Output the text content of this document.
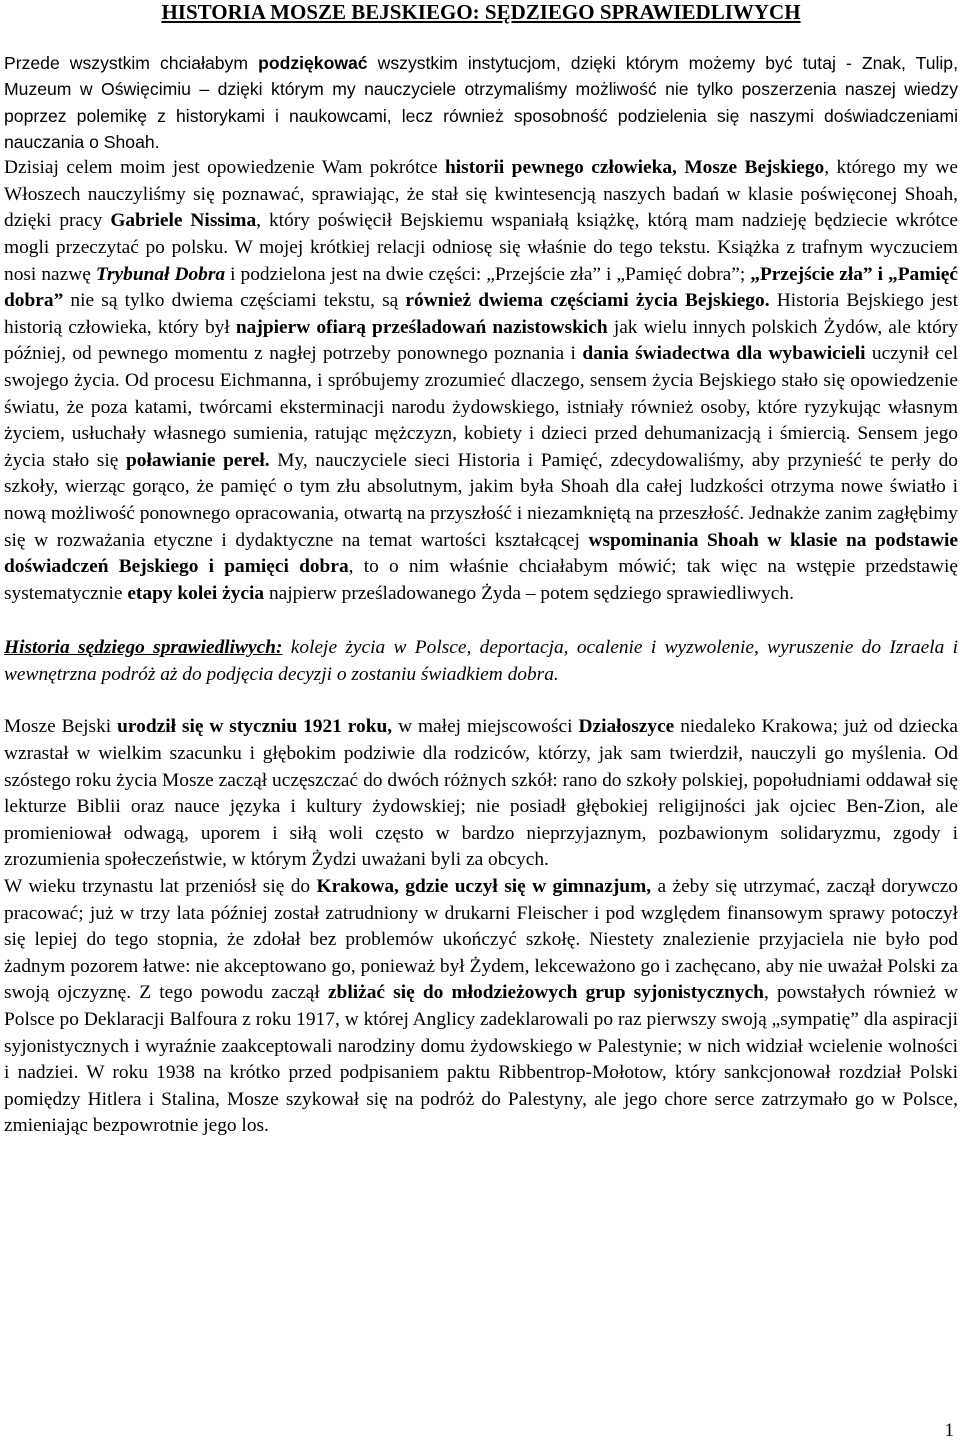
HISTORIA MOSZE BEJSKIEGO: SĘDZIEGO SPRAWIEDLIWYCH

Przede wszystkim chciałabym podziękować wszystkim instytucjom, dzięki którym możemy być tutaj - Znak, Tulip, Muzeum w Oświęcimiu – dzięki którym my nauczyciele otrzymaliśmy możliwość nie tylko poszerzenia naszej wiedzy poprzez polemikę z historykami i naukowcami, lecz również sposobność podzielenia się naszymi doświadczeniami nauczania o Shoah.

Dzisiaj celem moim jest opowiedzenie Wam pokrótce historii pewnego człowieka, Mosze Bejskiego, którego my we Włoszech nauczyliśmy się poznawać, sprawiając, że stał się kwintesencją naszych badań w klasie poświęconej Shoah, dzięki pracy Gabriele Nissima, który poświęcił Bejskiemu wspaniałą książkę, którą mam nadzieję będziecie wkrótce mogli przeczytać po polsku. W mojej krótkiej relacji odniosę się właśnie do tego tekstu. Książka z trafnym wyczuciem nosi nazwę Trybunał Dobra i podzielona jest na dwie części: „Przejście zła” i „Pamięć dobra”; „Przejście zła” i „Pamięć dobra” nie są tylko dwiema częściami tekstu, są również dwiema częściami życia Bejskiego. Historia Bejskiego jest historią człowieka, który był najpierw ofiarą prześladowań nazistowskich jak wielu innych polskich Żydów, ale który później, od pewnego momentu z nagłej potrzeby ponownego poznania i dania świadectwa dla wybawicieli uczynił cel swojego życia. Od procesu Eichmanna, i spróbujemy zrozumieć dlaczego, sensem życia Bejskiego stało się opowiedzenie światu, że poza katami, twórcami eksterminacji narodu żydowskiego, istniały również osoby, które ryzykując własnym życiem, usłuchały własnego sumienia, ratując mężczyzn, kobiety i dzieci przed dehumanizacją i śmiercią. Sensem jego życia stało się poławianie pereł. My, nauczyciele sieci Historia i Pamięć, zdecydowaliśmy, aby przynieść te perły do szkoły, wierząc gorąco, że pamięć o tym złu absolutnym, jakim była Shoah dla całej ludzkości otrzyma nowe światło i nową możliwość ponownego opracowania, otwartą na przyszłość i niezamkniętą na przeszłość. Jednakże zanim zagłębimy się w rozważania etyczne i dydaktyczne na temat wartości kształcącej wspominania Shoah w klasie na podstawie doświadczeń Bejskiego i pamięci dobra, to o nim właśnie chciałabym mówić; tak więc na wstępie przedstawię systematycznie etapy kolei życia najpierw prześladowanego Żyda – potem sędziego sprawiedliwych.

Historia sędziego sprawiedliwych: koleje życia w Polsce, deportacja, ocalenie i wyzwolenie, wyruszenie do Izraela i wewnętrzna podróż aż do podjęcia decyzji o zostaniu świadkiem dobra.

Mosze Bejski urodził się w styczniu 1921 roku, w małej miejscowości Działoszyce niedaleko Krakowa; już od dziecka wzrastał w wielkim szacunku i głębokim podziwie dla rodziców, którzy, jak sam twierdził, nauczyli go myślenia. Od szóstego roku życia Mosze zaczął uczęszczać do dwóch różnych szkół: rano do szkoły polskiej, popołudniami oddawał się lekturze Biblii oraz nauce języka i kultury żydowskiej; nie posiadł głębokiej religijności jak ojciec Ben-Zion, ale promieniował odwagą, uporem i siłą woli często w bardzo nieprzyjaznym, pozbawionym solidaryzmu, zgody i zrozumienia społeczeństwie, w którym Żydzi uważani byli za obcych.

W wieku trzynastu lat przeniósł się do Krakowa, gdzie uczył się w gimnazjum, a żeby się utrzymać, zaczął dorywczo pracować; już w trzy lata później został zatrudniony w drukarni Fleischer i pod względem finansowym sprawy potoczył się lepiej do tego stopnia, że zdołał bez problemów ukończyć szkołę. Niestety znalezienie przyjaciela nie było pod żadnym pozorem łatwe: nie akceptowano go, ponieważ był Żydem, lekceważono go i zachęcano, aby nie uważał Polski za swoją ojczyznę. Z tego powodu zaczął zbliżać się do młodzieżowych grup syjonistycznych, powstałych również w Polsce po Deklaracji Balfoura z roku 1917, w której Anglicy zadeklarowali po raz pierwszy swoją „sympatię” dla aspiracji syjonistycznych i wyraźnie zaakceptowali narodziny domu żydowskiego w Palestynie; w nich widział wcielenie wolności i nadziei. W roku 1938 na krótko przed podpisaniem paktu Ribbentrop-Mołotow, który sankcjonował rozdział Polski pomiędzy Hitlera i Stalina, Mosze szykował się na podróż do Palestyny, ale jego chore serce zatrzymało go w Polsce, zmieniając bezpowrotnie jego los.

1
